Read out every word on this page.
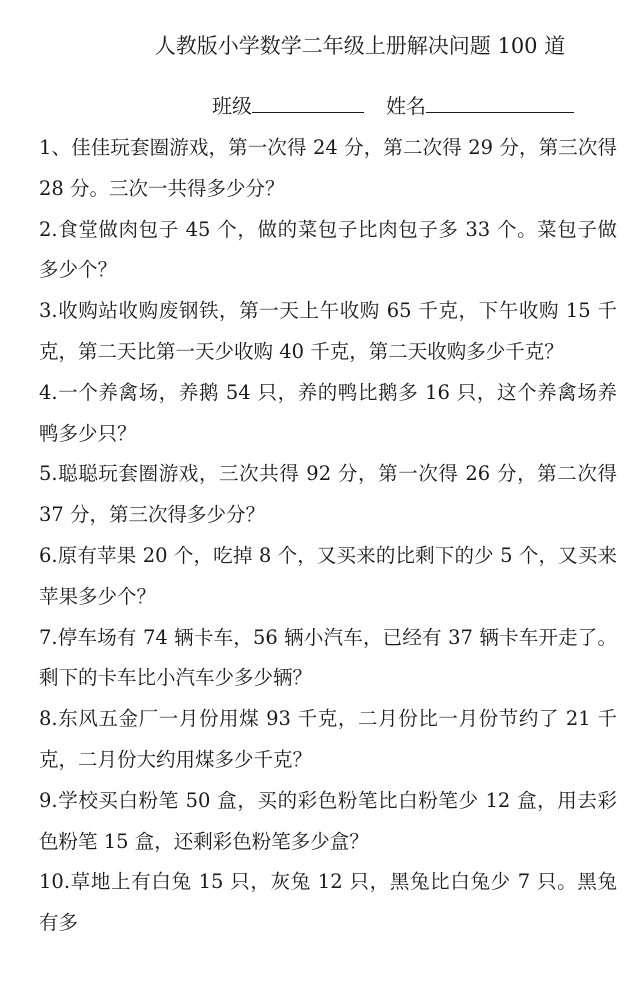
人教版小学数学二年级上册解决问题 100 道
班级	姓名

1、佳佳玩套圈游戏，第一次得 24 分，第二次得 29 分，第三次得 28 分。三次一共得多少分？

2.食堂做肉包子 45 个，做的菜包子比肉包子多 33 个。菜包子做多少个？

3.收购站收购废钢铁，第一天上午收购 65 千克，下午收购 15 千克，第二天比第一天少收购 40 千克，第二天收购多少千克？

4.一个养禽场，养鹅 54 只，养的鸭比鹅多 16 只，这个养禽场养鸭多少只？

5.聪聪玩套圈游戏，三次共得 92 分，第一次得 26 分，第二次得 37 分，第三次得多少分？

6.原有苹果 20 个，吃掉 8 个，又买来的比剩下的少 5 个，又买来苹果多少个？

7.停车场有 74 辆卡车，56 辆小汽车，已经有 37 辆卡车开走了。剩下的卡车比小汽车少多少辆？

8.东风五金厂一月份用煤 93 千克，二月份比一月份节约了 21 千克，二月份大约用煤多少千克？

9.学校买白粉笔 50 盒，买的彩色粉笔比白粉笔少 12 盒，用去彩色粉笔 15 盒，还剩彩色粉笔多少盒？

10.草地上有白兔 15 只，灰兔 12 只，黑兔比白兔少 7 只。黑兔有多
